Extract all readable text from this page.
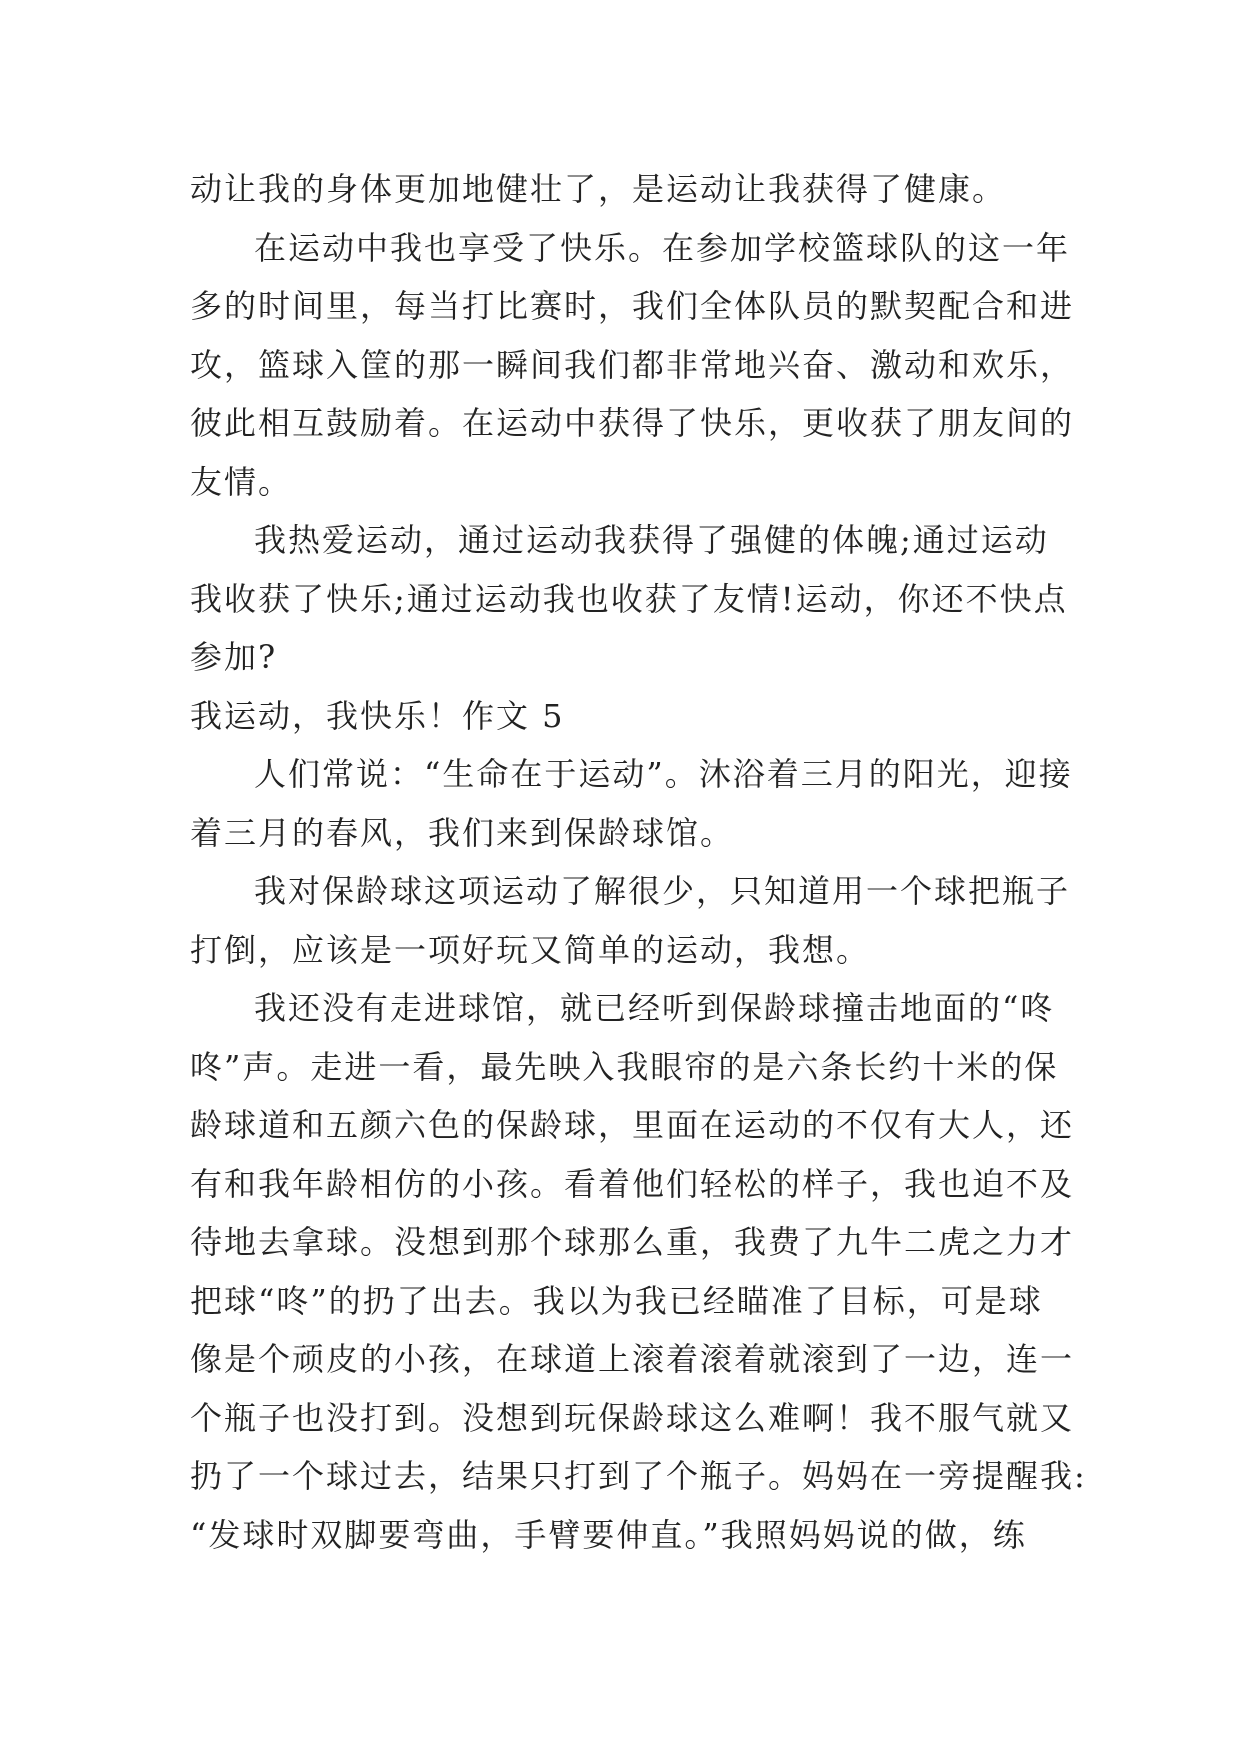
动让我的身体更加地健壮了，是运动让我获得了健康。
在运动中我也享受了快乐。在参加学校篮球队的这一年
多的时间里，每当打比赛时，我们全体队员的默契配合和进
攻，篮球入筐的那一瞬间我们都非常地兴奋、激动和欢乐，
彼此相互鼓励着。在运动中获得了快乐，更收获了朋友间的
友情。
我热爱运动，通过运动我获得了强健的体魄;通过运动
我收获了快乐;通过运动我也收获了友情!运动，你还不快点
参加?
我运动，我快乐！作文 5
人们常说：“生命在于运动”。沐浴着三月的阳光，迎接
着三月的春风，我们来到保龄球馆。
我对保龄球这项运动了解很少，只知道用一个球把瓶子
打倒，应该是一项好玩又简单的运动，我想。
我还没有走进球馆，就已经听到保龄球撞击地面的“咚
咚”声。走进一看，最先映入我眼帘的是六条长约十米的保
龄球道和五颜六色的保龄球，里面在运动的不仅有大人，还
有和我年龄相仿的小孩。看着他们轻松的样子，我也迫不及
待地去拿球。没想到那个球那么重，我费了九牛二虎之力才
把球“咚”的扔了出去。我以为我已经瞄准了目标，可是球
像是个顽皮的小孩，在球道上滚着滚着就滚到了一边，连一
个瓶子也没打到。没想到玩保龄球这么难啊！我不服气就又
扔了一个球过去，结果只打到了个瓶子。妈妈在一旁提醒我:
“发球时双脚要弯曲，手臂要伸直。”我照妈妈说的做，练
